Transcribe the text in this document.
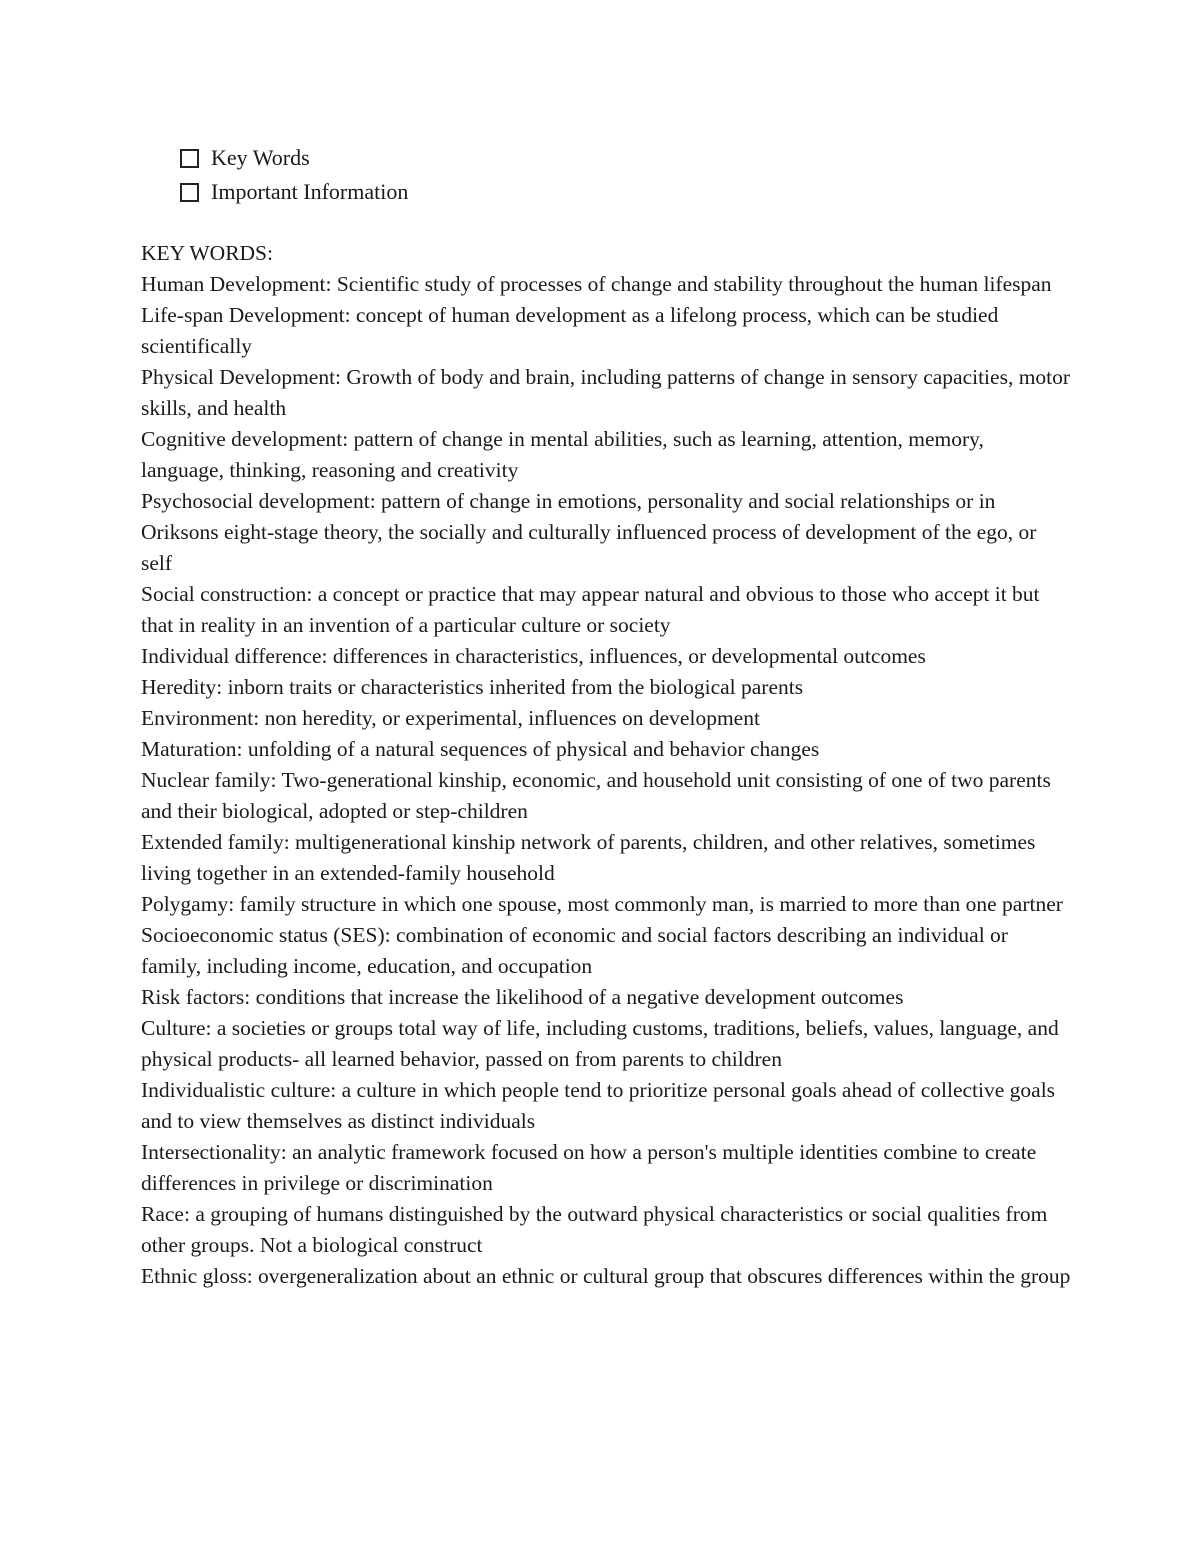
Key Words
Important Information

KEY WORDS:

Human Development: Scientific study of processes of change and stability throughout the human lifespan

Life-span Development: concept of human development as a lifelong process, which can be studied scientifically

Physical Development: Growth of body and brain, including patterns of change in sensory capacities, motor skills, and health

Cognitive development: pattern of change in mental abilities, such as learning, attention, memory, language, thinking, reasoning and creativity

Psychosocial development: pattern of change in emotions, personality and social relationships or in Oriksons eight-stage theory, the socially and culturally influenced process of development of the ego, or self

Social construction: a concept or practice that may appear natural and obvious to those who accept it but that in reality in an invention of a particular culture or society

Individual difference: differences in characteristics, influences, or developmental outcomes

Heredity: inborn traits or characteristics inherited from the biological parents

Environment: non heredity, or experimental, influences on development

Maturation: unfolding of a natural sequences of physical and behavior changes

Nuclear family: Two-generational kinship, economic, and household unit consisting of one of two parents and their biological, adopted or step-children

Extended family: multigenerational kinship network of parents, children, and other relatives, sometimes living together in an extended-family household

Polygamy: family structure in which one spouse, most commonly man, is married to more than one partner

Socioeconomic status (SES): combination of economic and social factors describing an individual or family, including income, education, and occupation

Risk factors: conditions that increase the likelihood of a negative development outcomes

Culture: a societies or groups total way of life, including customs, traditions, beliefs, values, language, and physical products- all learned behavior, passed on from parents to children

Individualistic culture: a culture in which people tend to prioritize personal goals ahead of collective goals and to view themselves as distinct individuals

Intersectionality: an analytic framework focused on how a person's multiple identities combine to create differences in privilege or discrimination

Race: a grouping of humans distinguished by the outward physical characteristics or social qualities from other groups. Not a biological construct

Ethnic gloss: overgeneralization about an ethnic or cultural group that obscures differences within the group
